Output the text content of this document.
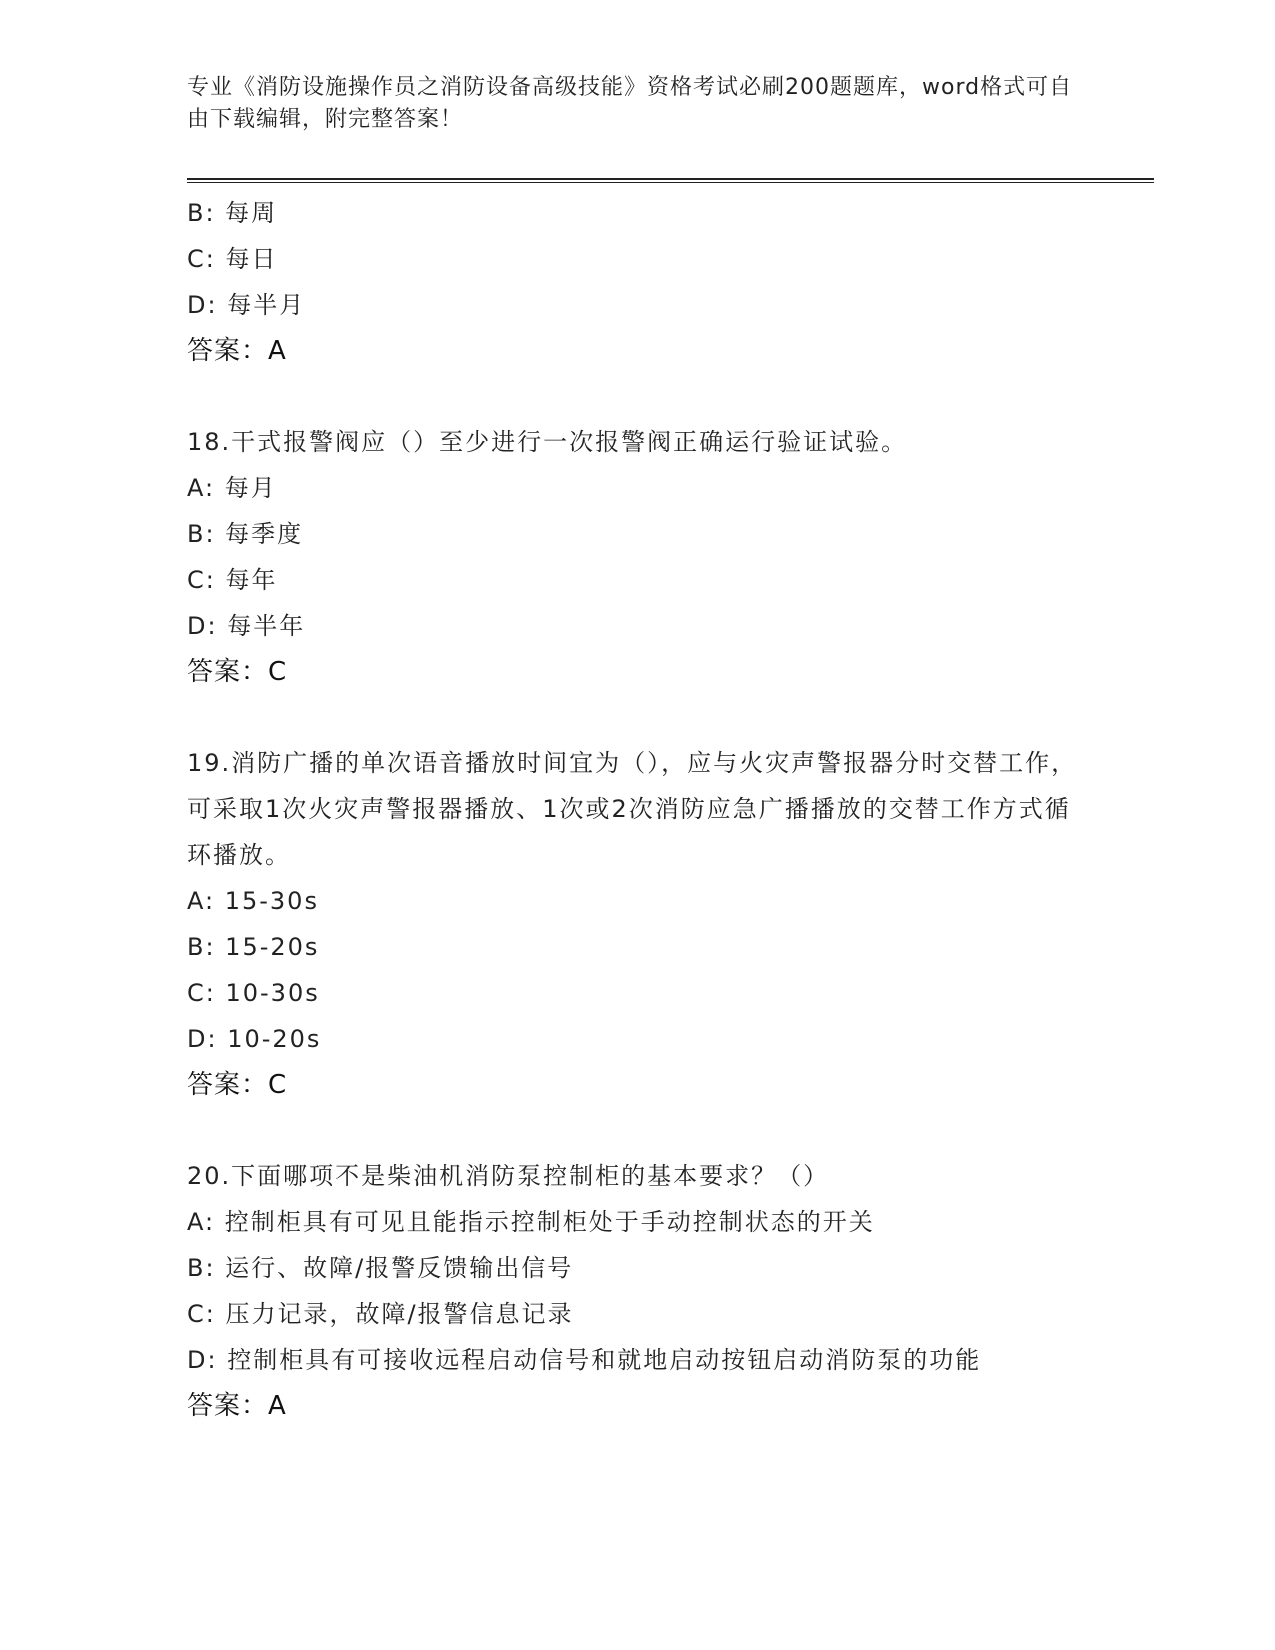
专业《消防设施操作员之消防设备高级技能》资格考试必刷200题题库，word格式可自由下载编辑，附完整答案！
B: 每周
C: 每日
D: 每半月
答案：A
18.干式报警阀应（）至少进行一次报警阀正确运行验证试验。
A: 每月
B: 每季度
C: 每年
D: 每半年
答案：C
19.消防广播的单次语音播放时间宜为（），应与火灾声警报器分时交替工作，可采取1次火灾声警报器播放、1次或2次消防应急广播播放的交替工作方式循环播放。
A: 15-30s
B: 15-20s
C: 10-30s
D: 10-20s
答案：C
20.下面哪项不是柴油机消防泵控制柜的基本要求？（）
A: 控制柜具有可见且能指示控制柜处于手动控制状态的开关
B: 运行、故障/报警反馈输出信号
C: 压力记录，故障/报警信息记录
D: 控制柜具有可接收远程启动信号和就地启动按钮启动消防泵的功能
答案：A
